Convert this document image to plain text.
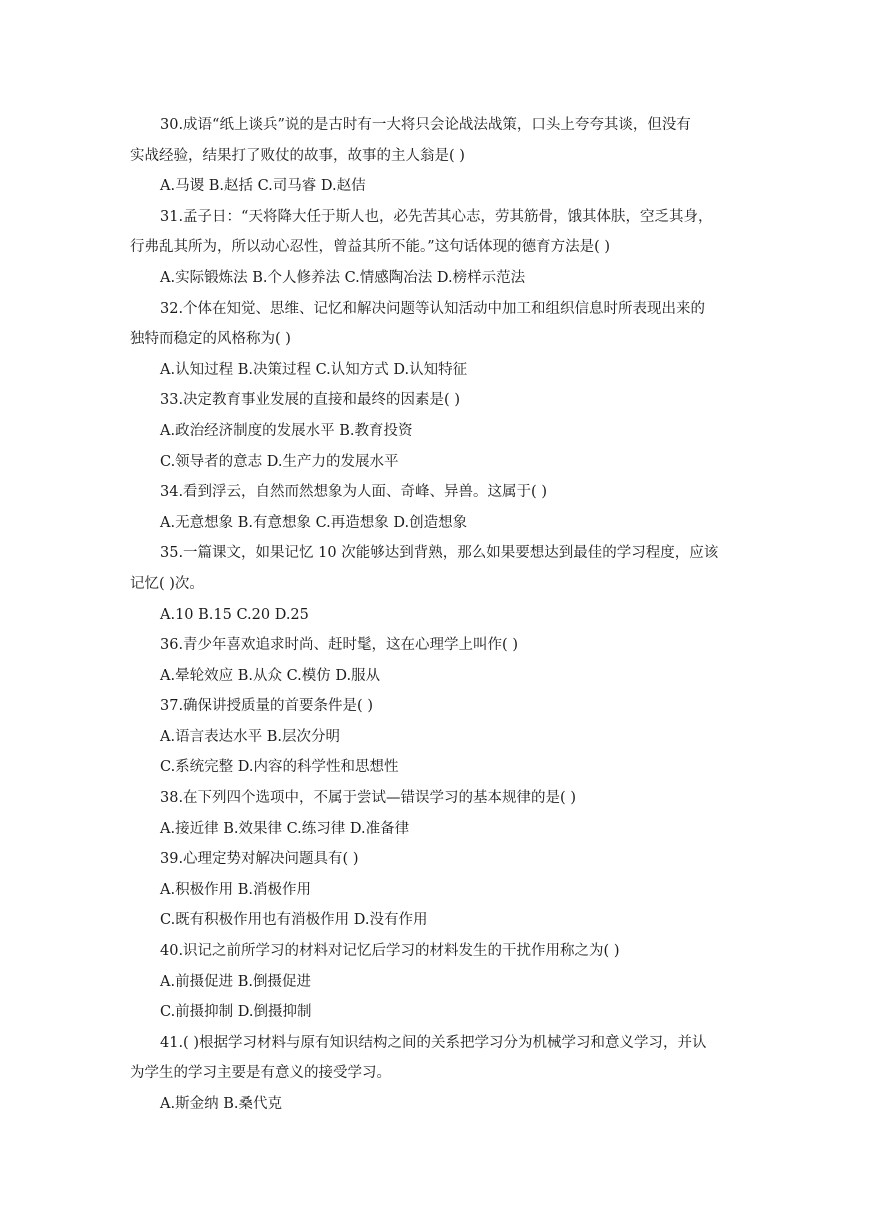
30.成语“纸上谈兵”说的是古时有一大将只会论战法战策，口头上夸夸其谈，但没有
实战经验，结果打了败仗的故事，故事的主人翁是( )
A.马谡 B.赵括 C.司马睿 D.赵佶
31.孟子日：“天将降大任于斯人也，必先苦其心志，劳其筋骨，饿其体肤，空乏其身，
行弗乱其所为，所以动心忍性，曾益其所不能。”这句话体现的德育方法是( )
A.实际锻炼法 B.个人修养法 C.情感陶冶法 D.榜样示范法
32.个体在知觉、思维、记忆和解决问题等认知活动中加工和组织信息时所表现出来的
独特而稳定的风格称为( )
A.认知过程 B.决策过程 C.认知方式 D.认知特征
33.决定教育事业发展的直接和最终的因素是( )
A.政治经济制度的发展水平 B.教育投资
C.领导者的意志 D.生产力的发展水平
34.看到浮云，自然而然想象为人面、奇峰、异兽。这属于( )
A.无意想象 B.有意想象 C.再造想象 D.创造想象
35.一篇课文，如果记忆 10 次能够达到背熟，那么如果要想达到最佳的学习程度，应该
记忆( )次。
A.10 B.15 C.20 D.25
36.青少年喜欢追求时尚、赶时髦，这在心理学上叫作( )
A.晕轮效应 B.从众 C.模仿 D.服从
37.确保讲授质量的首要条件是( )
A.语言表达水平 B.层次分明
C.系统完整 D.内容的科学性和思想性
38.在下列四个选项中，不属于尝试—错误学习的基本规律的是( )
A.接近律 B.效果律 C.练习律 D.准备律
39.心理定势对解决问题具有( )
A.积极作用 B.消极作用
C.既有积极作用也有消极作用 D.没有作用
40.识记之前所学习的材料对记忆后学习的材料发生的干扰作用称之为( )
A.前摄促进 B.倒摄促进
C.前摄抑制 D.倒摄抑制
41.( )根据学习材料与原有知识结构之间的关系把学习分为机械学习和意义学习，并认
为学生的学习主要是有意义的接受学习。
A.斯金纳 B.桑代克
